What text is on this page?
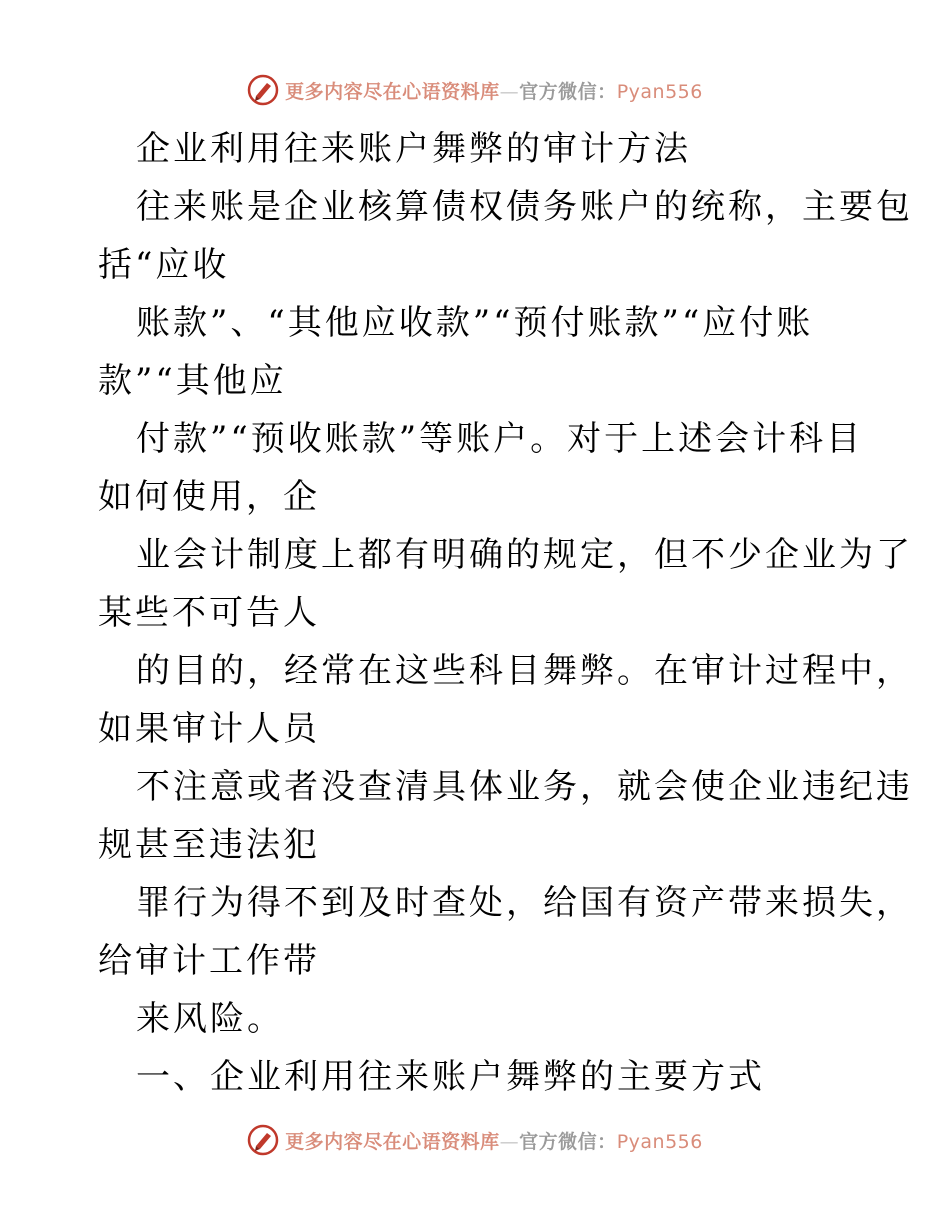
更多内容尽在心语资料库—官方微信：Pyan556
企业利用往来账户舞弊的审计方法
往来账是企业核算债权债务账户的统称，主要包
括“应收
账款”、“其他应收款”“预付账款”“应付账
款”“其他应
付款”“预收账款”等账户。对于上述会计科目
如何使用，企
业会计制度上都有明确的规定，但不少企业为了
某些不可告人
的目的，经常在这些科目舞弊。在审计过程中，
如果审计人员
不注意或者没查清具体业务，就会使企业违纪违
规甚至违法犯
罪行为得不到及时查处，给国有资产带来损失，
给审计工作带
来风险。
一、企业利用往来账户舞弊的主要方式
更多内容尽在心语资料库—官方微信：Pyan556
